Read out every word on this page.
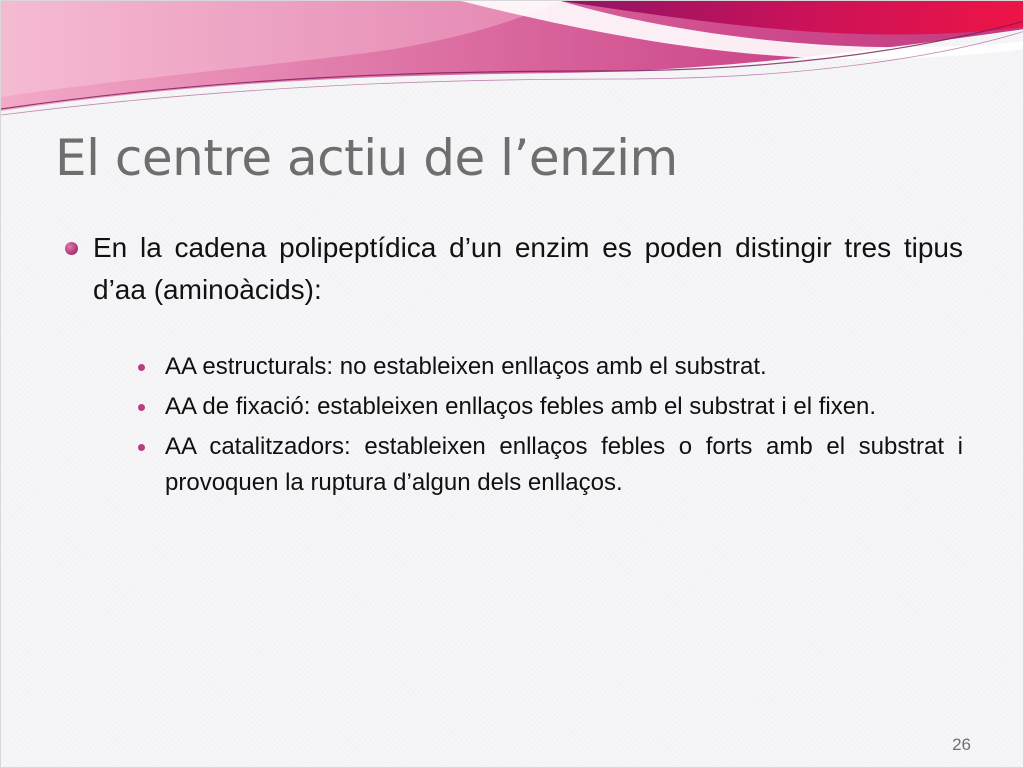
El centre actiu de l’enzim
En la cadena polipeptídica d’un enzim es poden distingir tres tipus d’aa (aminoàcids):
AA estructurals: no estableixen enllaços amb el substrat.
AA de fixació: estableixen enllaços febles amb el substrat i el fixen.
AA catalitzadors: estableixen enllaços febles o forts amb el substrat i provoquen la ruptura d’algun dels enllaços.
26
